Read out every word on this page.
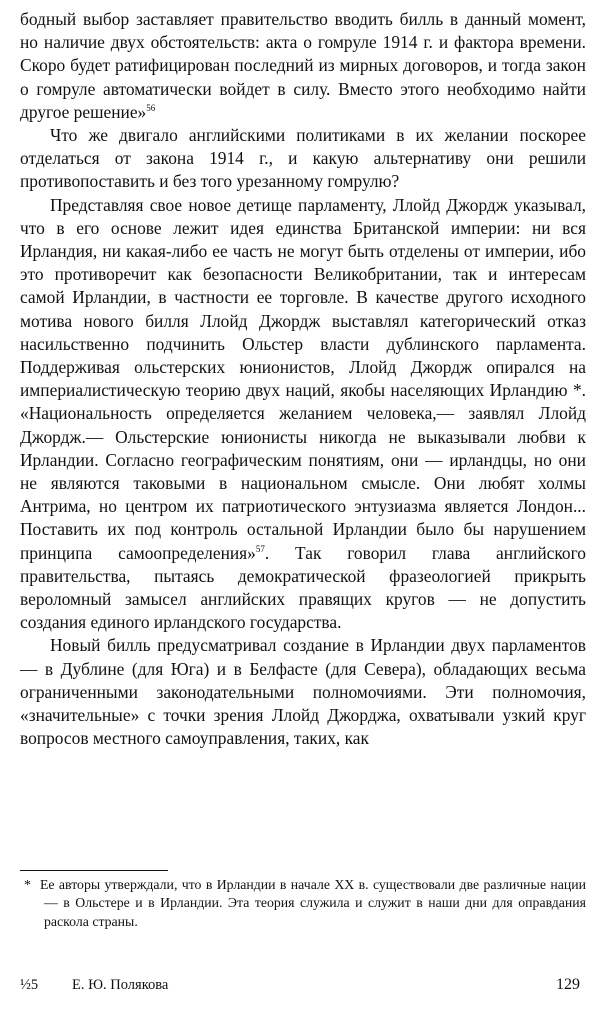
бодный выбор заставляет правительство вводить билль в данный момент, но наличие двух обстоятельств: акта о гомруле 1914 г. и фактора времени. Скоро будет ратифицирован последний из мирных договоров, и тогда закон о гомруле автоматически войдет в силу. Вместо этого необходимо найти другое решение»$^{56}$

Что же двигало английскими политиками в их желании поскорее отделаться от закона 1914 г., и какую альтернативу они решили противопоставить и без того урезанному гомрулю?

Представляя свое новое детище парламенту, Ллойд Джордж указывал, что в его основе лежит идея единства Британской империи: ни вся Ирландия, ни какая-либо ее часть не могут быть отделены от империи, ибо это противоречит как безопасности Великобритании, так и интересам самой Ирландии, в частности ее торговле. В качестве другого исходного мотива нового билля Ллойд Джордж выставлял категорический отказ насильственно подчинить Ольстер власти дублинского парламента. Поддерживая ольстерских юнионистов, Ллойд Джордж опирался на империалистическую теорию двух наций, якобы населяющих Ирландию *. «Национальность определяется желанием человека,— заявлял Ллойд Джордж.— Ольстерские юнионисты никогда не выказывали любви к Ирландии. Согласно географическим понятиям, они — ирландцы, но они не являются таковыми в национальном смысле. Они любят холмы Антрима, но центром их патриотического энтузиазма является Лондон... Поставить их под контроль остальной Ирландии было бы нарушением принципа самоопределения»$^{57}$. Так говорил глава английского правительства, пытаясь демократической фразеологией прикрыть вероломный замысел английских правящих кругов — не допустить создания единого ирландского государства.

Новый билль предусматривал создание в Ирландии двух парламентов — в Дублине (для Юга) и в Белфасте (для Севера), обладающих весьма ограниченными законодательными полномочиями. Эти полномочия, «значительные» с точки зрения Ллойд Джорджа, охватывали узкий круг вопросов местного самоуправления, таких, как

* Ее авторы утверждали, что в Ирландии в начале XX в. существовали две различные нации — в Ольстере и в Ирландии. Эта теория служила и служит в наши дни для оправдания раскола страны.
½5 Е. Ю. Полякова	129
